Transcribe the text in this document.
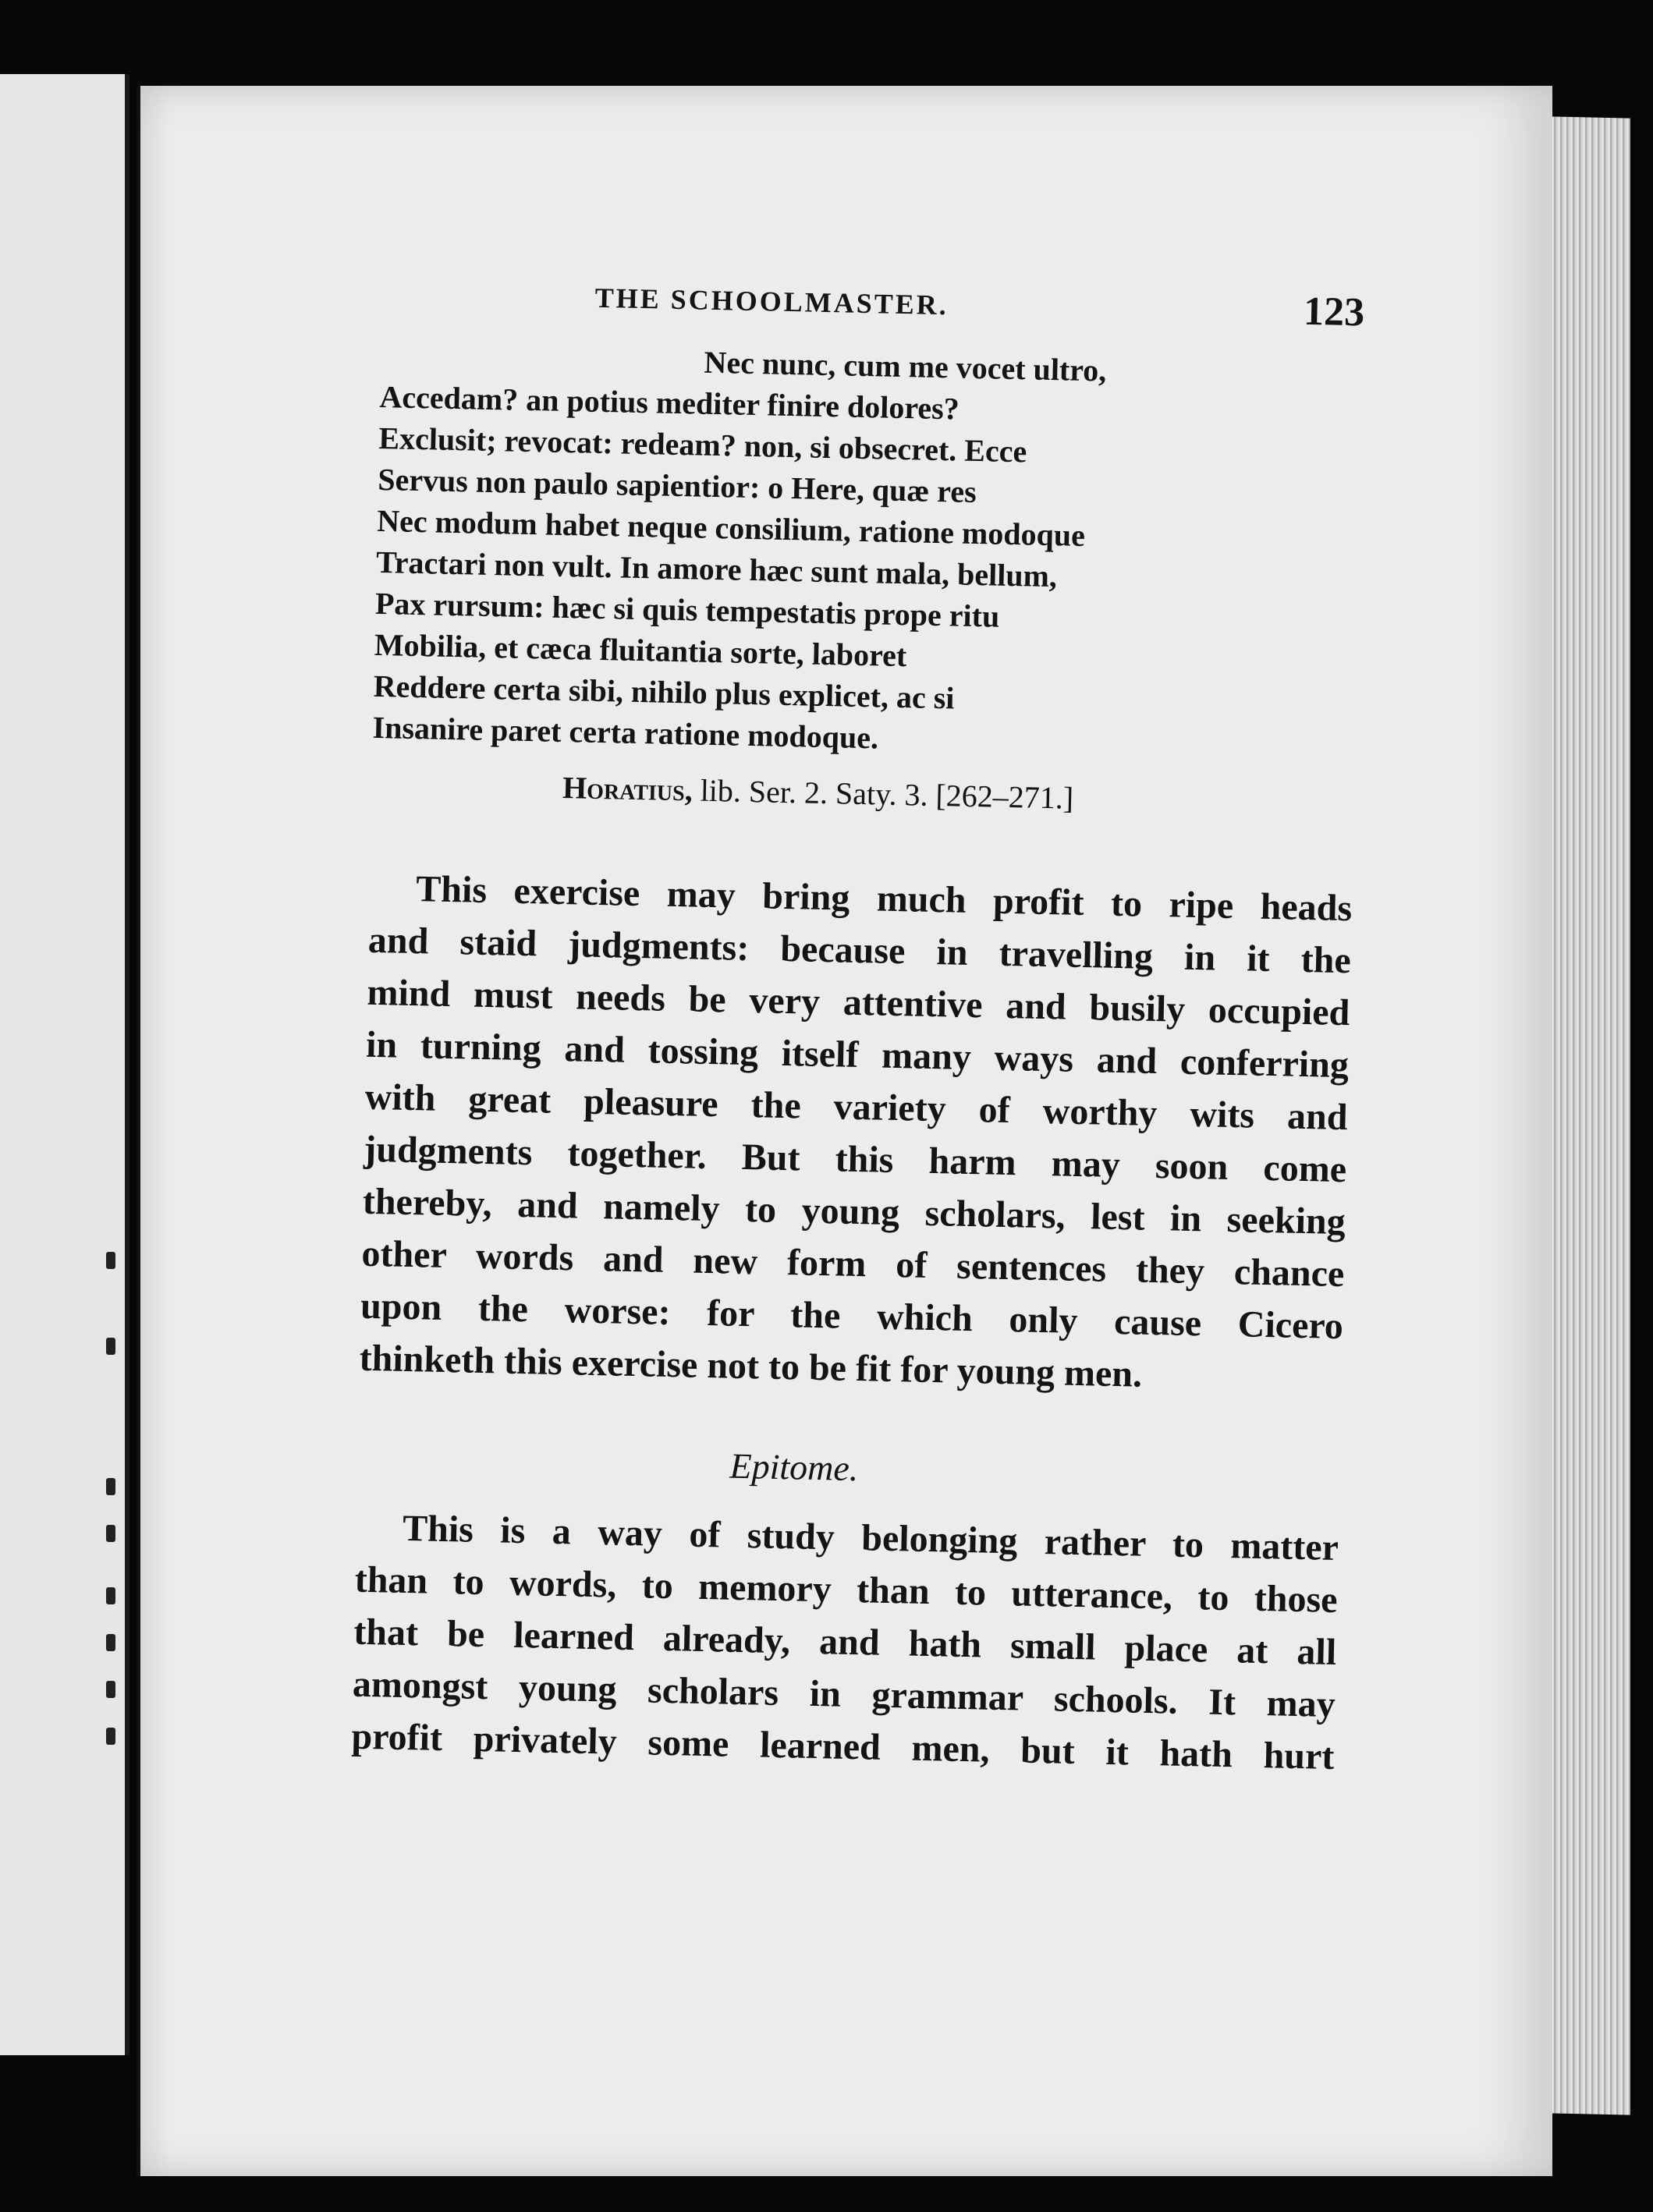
THE SCHOOLMASTER.	123
Nec nunc, cum me vocet ultro,
Accedam? an potius mediter finire dolores?
Exclusit; revocat: redeam? non, si obsecret. Ecce
Servus non paulo sapientior: o Here, quæ res
Nec modum habet neque consilium, ratione modoque
Tractari non vult. In amore hæc sunt mala, bellum,
Pax rursum: hæc si quis tempestatis prope ritu
Mobilia, et cæca fluitantia sorte, laboret
Reddere certa sibi, nihilo plus explicet, ac si
Insanire paret certa ratione modoque.
Horatius, lib. Ser. 2. Saty. 3. [262–271.]
This exercise may bring much profit to ripe heads
and staid judgments: because in travelling in it the
mind must needs be very attentive and busily occupied
in turning and tossing itself many ways and conferring
with great pleasure the variety of worthy wits and
judgments together. But this harm may soon come
thereby, and namely to young scholars, lest in seeking
other words and new form of sentences they chance
upon the worse: for the which only cause Cicero
thinketh this exercise not to be fit for young men.
Epitome.
This is a way of study belonging rather to matter
than to words, to memory than to utterance, to those
that be learned already, and hath small place at all
amongst young scholars in grammar schools. It may
profit privately some learned men, but it hath hurt
